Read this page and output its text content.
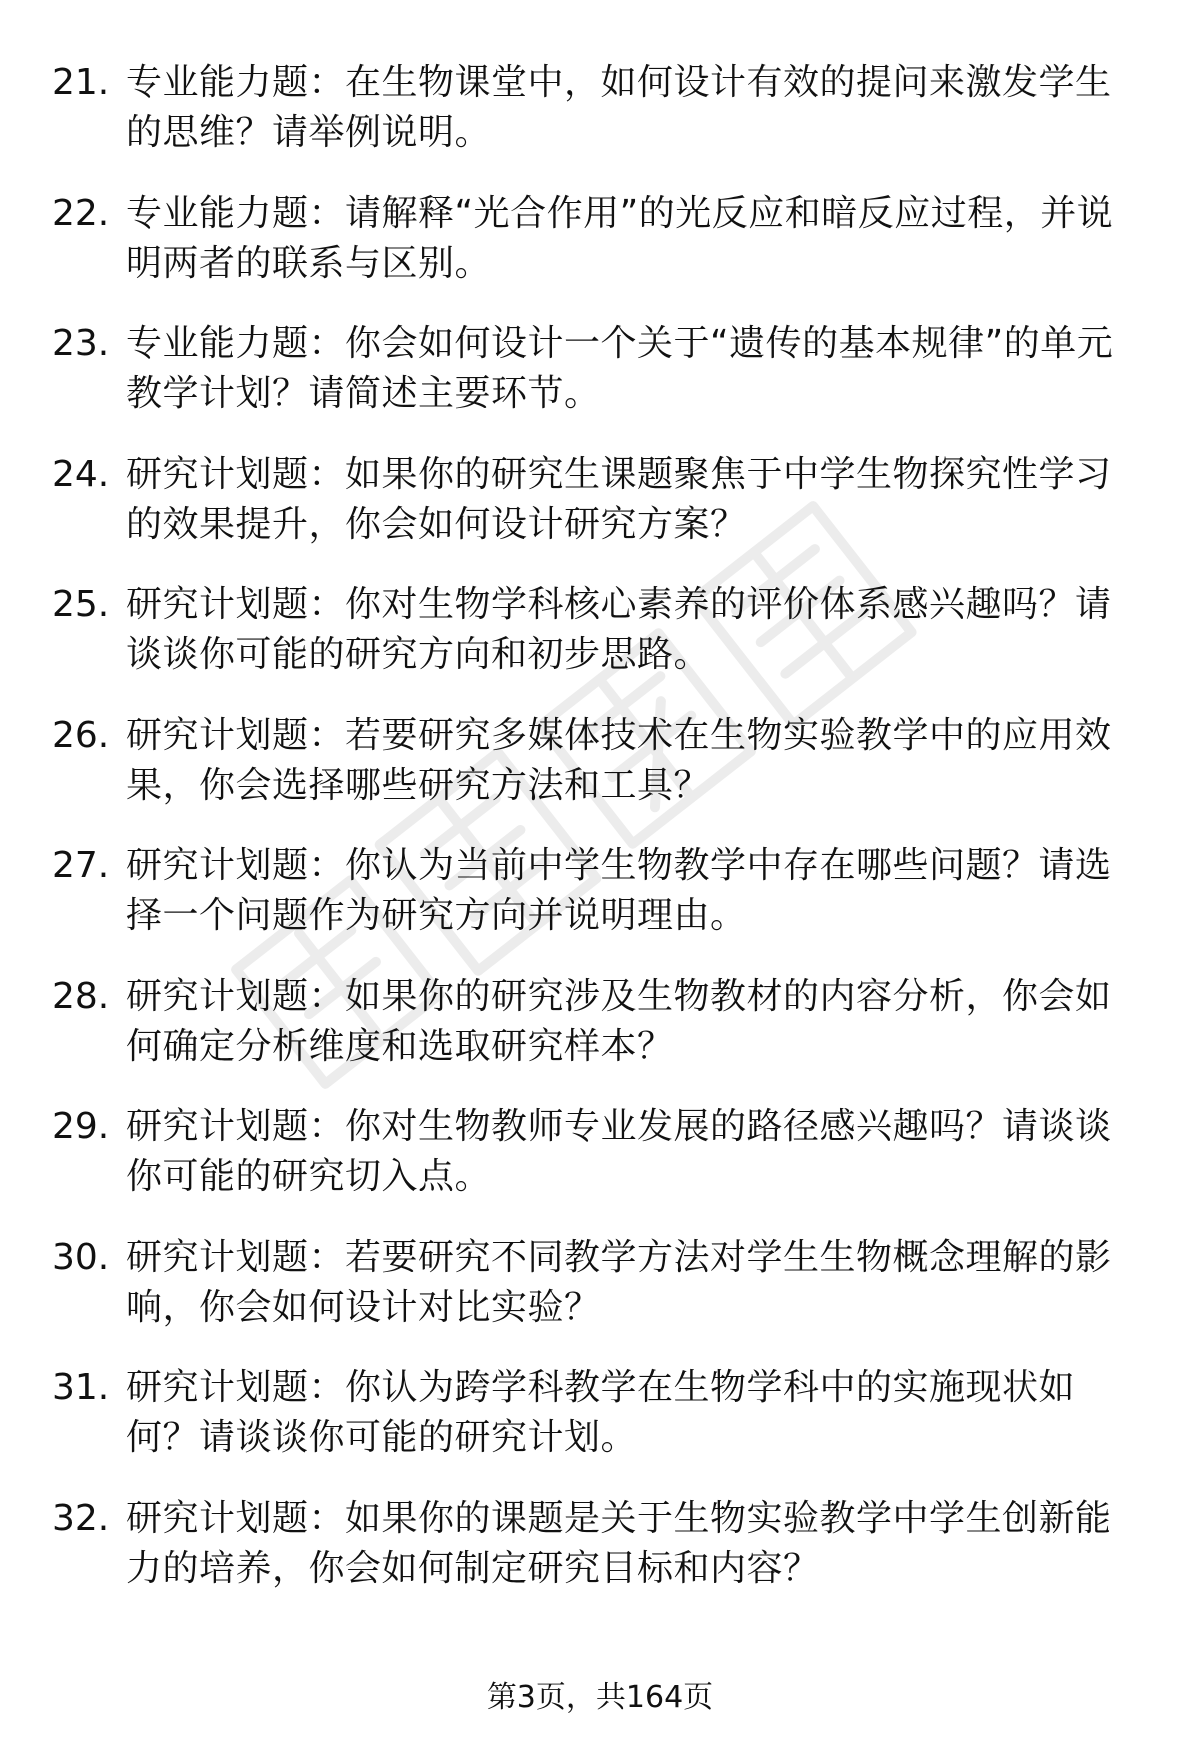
21. 专业能力题：在生物课堂中，如何设计有效的提问来激发学生的思维？请举例说明。
22. 专业能力题：请解释“光合作用”的光反应和暗反应过程，并说明两者的联系与区别。
23. 专业能力题：你会如何设计一个关于“遗传的基本规律”的单元教学计划？请简述主要环节。
24. 研究计划题：如果你的研究生课题聚焦于中学生物探究性学习的效果提升，你会如何设计研究方案？
25. 研究计划题：你对生物学科核心素养的评价体系感兴趣吗？请谈谈你可能的研究方向和初步思路。
26. 研究计划题：若要研究多媒体技术在生物实验教学中的应用效果，你会选择哪些研究方法和工具？
27. 研究计划题：你认为当前中学生物教学中存在哪些问题？请选择一个问题作为研究方向并说明理由。
28. 研究计划题：如果你的研究涉及生物教材的内容分析，你会如何确定分析维度和选取研究样本？
29. 研究计划题：你对生物教师专业发展的路径感兴趣吗？请谈谈你可能的研究切入点。
30. 研究计划题：若要研究不同教学方法对学生生物概念理解的影响，你会如何设计对比实验？
31. 研究计划题：你认为跨学科教学在生物学科中的实施现状如何？请谈谈你可能的研究计划。
32. 研究计划题：如果你的课题是关于生物实验教学中学生创新能力的培养，你会如何制定研究目标和内容？
第3页，共164页
